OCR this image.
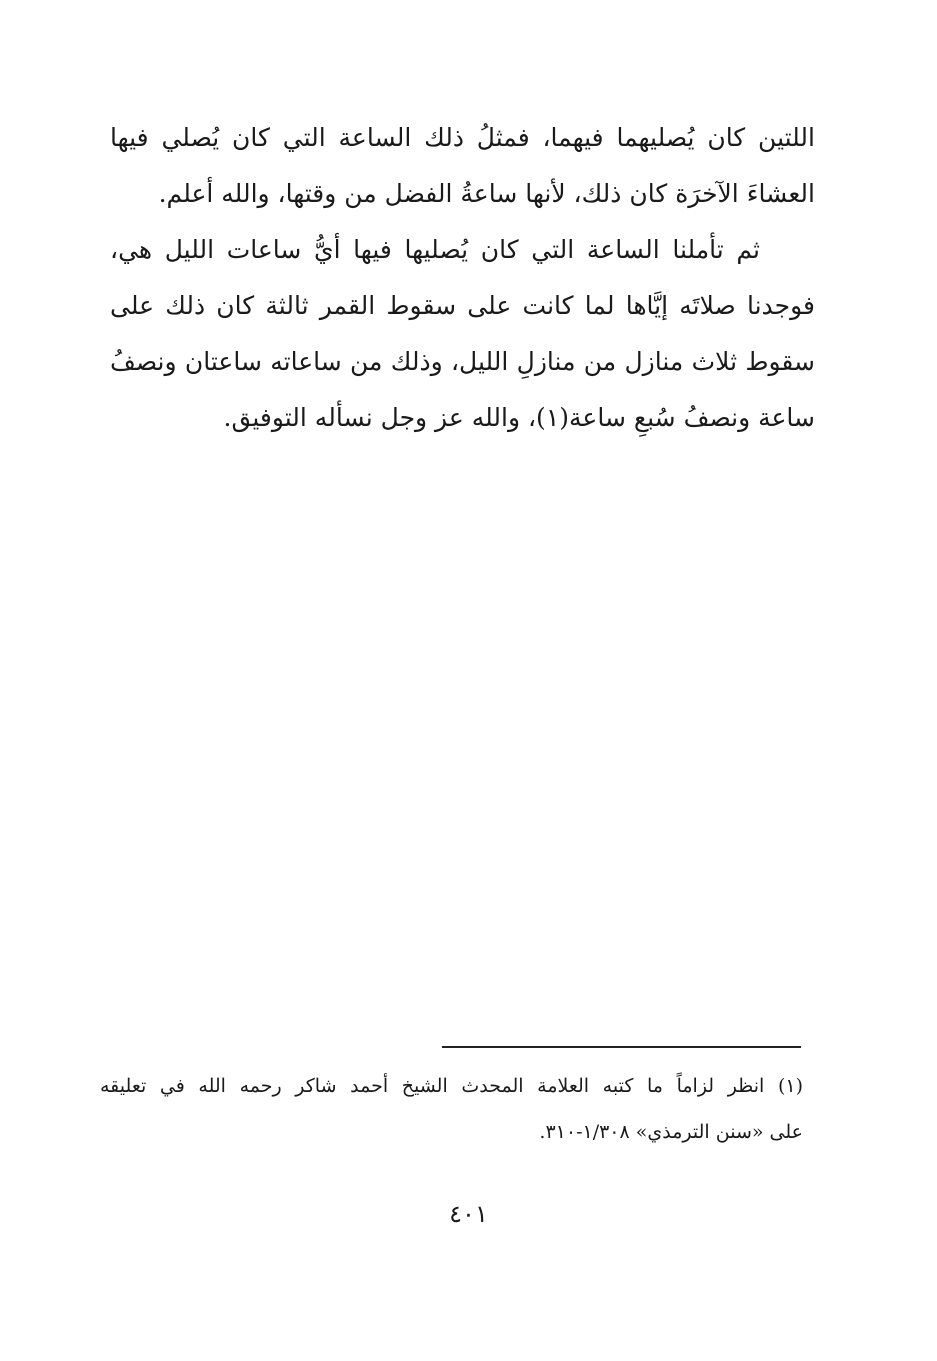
اللتين كان يُصليهما فيهما، فمثلُ ذلك الساعة التي كان يُصلي فيها
العشاءَ الآخرَة كان ذلك، لأنها ساعةُ الفضل من وقتها، والله أعلم.
ثم تأملنا الساعة التي كان يُصليها فيها أيُّ ساعات الليل هي،
فوجدنا صلاتَه إيَّاها لما كانت على سقوط القمر ثالثة كان ذلك على
سقوط ثلاث منازل من منازلِ الليل، وذلك من ساعاته ساعتان ونصفُ
ساعة ونصفُ سُبعِ ساعة(١)، والله عز وجل نسأله التوفيق.
(١) انظر لزاماً ما كتبه العلامة المحدث الشيخ أحمد شاكر رحمه الله في تعليقه
على «سنن الترمذي» ١/٣٠٨-٣١٠.
٤٠١
